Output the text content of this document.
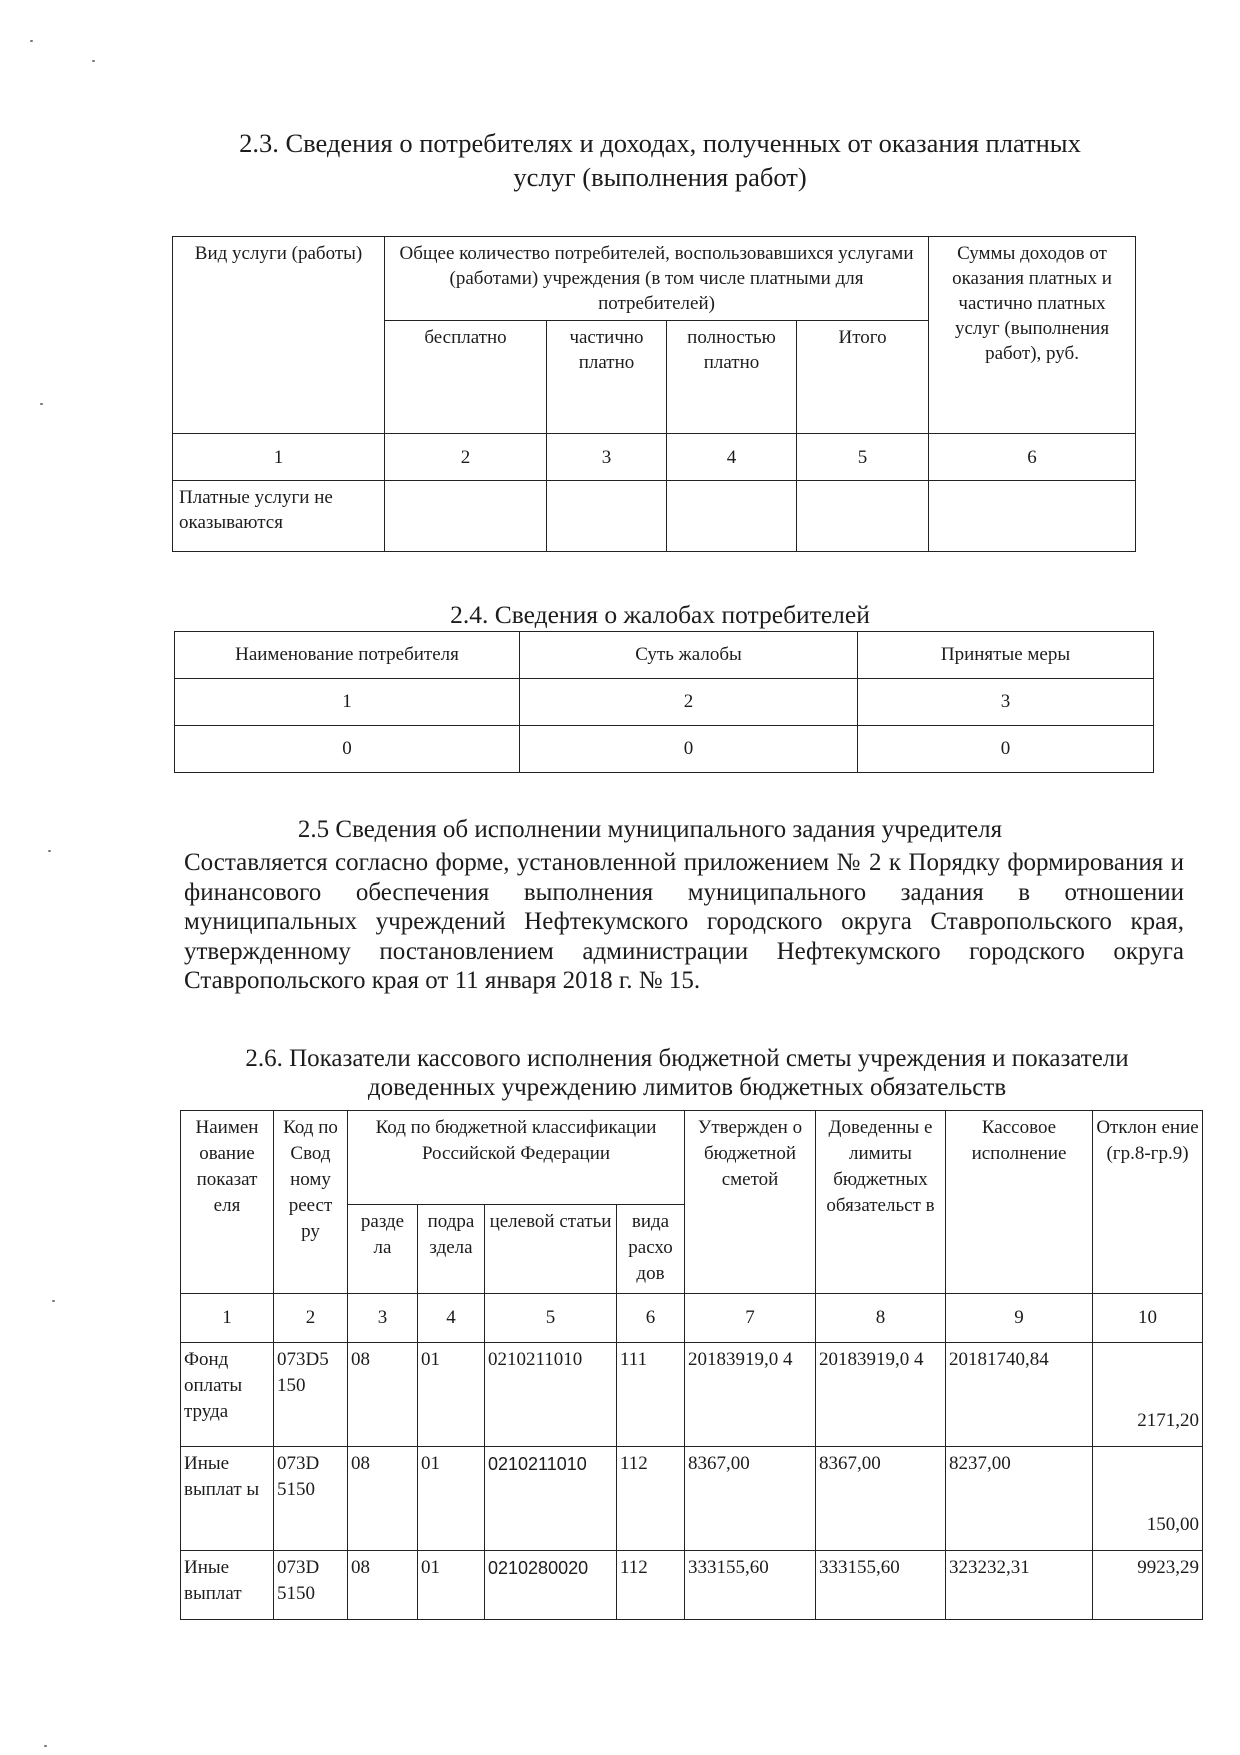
2.3. Сведения о потребителях и доходах, полученных от оказания платных
услуг (выполнения работ)
Вид услуги (работы)	Общее количество потребителей, воспользовавшихся услугами (работами) учреждения (в том числе платными для потребителей)				Суммы доходов от оказания платных и частично платных услуг (выполнения работ), руб.
	бесплатно	частично платно	полностью платно	Итого	
1	2	3	4	5	6
Платные услуги не оказываются					
2.4. Сведения о жалобах потребителей
Наименование потребителя	Суть жалобы	Принятые меры
1	2	3
0	0	0
2.5 Сведения об исполнении муниципального задания учредителя

Составляется согласно форме, установленной приложением № 2 к Порядку формирования и финансового обеспечения выполнения муниципального задания в отношении муниципальных учреждений Нефтекумского городского округа Ставропольского края, утвержденному постановлением администрации Нефтекумского городского округа Ставропольского края от 11 января 2018 г. № 15.

2.6. Показатели кассового исполнения бюджетной сметы учреждения и показатели
доведенных учреждению лимитов бюджетных обязательств
Наимен ование показат еля	Код по Свод ному реест ру	Код по бюджетной классификации Российской Федерации				Утвержден о бюджетной сметой	Доведенны е лимиты бюджетных обязательст в	Кассовое исполнение	Отклон ение (гр.8-гр.9)
		разде ла	подра здела	целевой статьи	вида расхо дов				
1	2	3	4	5	6	7	8	9	10
Фонд оплаты труда	073D5 150	08	01	0210211010	111	20183919,0 4	20183919,0 4	20181740,84	2171,20
Иные выплат ы	073D 5150	08	01	0210211010	112	8367,00	8367,00	8237,00	150,00
Иные выплат	073D 5150	08	01	0210280020	112	333155,60	333155,60	323232,31	9923,29
